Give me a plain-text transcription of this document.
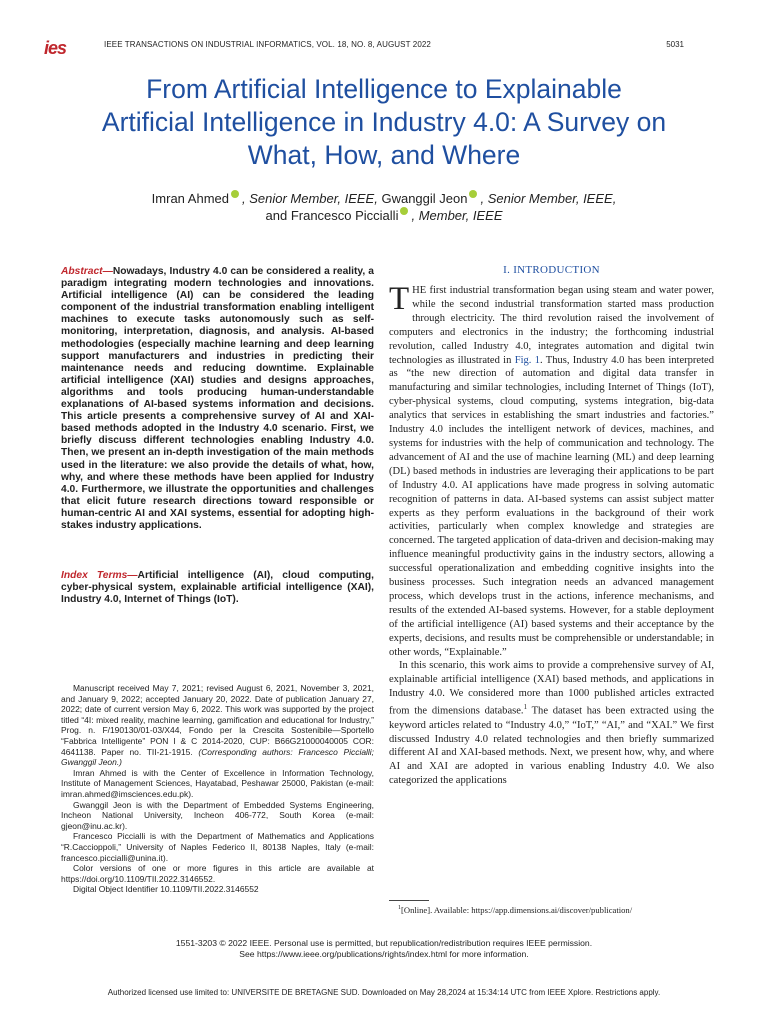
ies	IEEE TRANSACTIONS ON INDUSTRIAL INFORMATICS, VOL. 18, NO. 8, AUGUST 2022	5031
From Artificial Intelligence to Explainable
Artificial Intelligence in Industry 4.0: A Survey on
What, How, and Where
Imran Ahmed , Senior Member, IEEE, Gwanggil Jeon , Senior Member, IEEE,
and Francesco Piccialli , Member, IEEE
Abstract—Nowadays, Industry 4.0 can be considered a reality, a paradigm integrating modern technologies and innovations. Artificial intelligence (AI) can be considered the leading component of the industrial transformation enabling intelligent machines to execute tasks autonomously such as self-monitoring, interpretation, diagnosis, and analysis. AI-based methodologies (especially machine learning and deep learning support manufacturers and industries in predicting their maintenance needs and reducing downtime. Explainable artificial intelligence (XAI) studies and designs approaches, algorithms and tools producing human-understandable explanations of AI-based systems information and decisions. This article presents a comprehensive survey of AI and XAI-based methods adopted in the Industry 4.0 scenario. First, we briefly discuss different technologies enabling Industry 4.0. Then, we present an in-depth investigation of the main methods used in the literature: we also provide the details of what, how, why, and where these methods have been applied for Industry 4.0. Furthermore, we illustrate the opportunities and challenges that elicit future research directions toward responsible or human-centric AI and XAI systems, essential for adopting high-stakes industry applications.
Index Terms—Artificial intelligence (AI), cloud computing, cyber-physical system, explainable artificial intelligence (XAI), Industry 4.0, Internet of Things (IoT).

Manuscript received May 7, 2021; revised August 6, 2021, November 3, 2021, and January 9, 2022; accepted January 20, 2022. Date of publication January 27, 2022; date of current version May 6, 2022. This work was supported by the project titled “4I: mixed reality, machine learning, gamification and educational for Industry,” Prog. n. F/190130/01-03/X44, Fondo per la Crescita Sostenibile—Sportello “Fabbrica Intelligente” PON I & C 2014-2020, CUP: B66G21000040005 COR: 4641138. Paper no. TII-21-1915. (Corresponding authors: Francesco Piccialli; Gwanggil Jeon.)

Imran Ahmed is with the Center of Excellence in Information Technology, Institute of Management Sciences, Hayatabad, Peshawar 25000, Pakistan (e-mail: imran.ahmed@imsciences.edu.pk).

Gwanggil Jeon is with the Department of Embedded Systems Engineering, Incheon National University, Incheon 406-772, South Korea (e-mail: gjeon@inu.ac.kr).

Francesco Piccialli is with the Department of Mathematics and Applications “R.Caccioppoli,” University of Naples Federico II, 80138 Naples, Italy (e-mail: francesco.piccialli@unina.it).

Color versions of one or more figures in this article are available at https://doi.org/10.1109/TII.2022.3146552.

Digital Object Identifier 10.1109/TII.2022.3146552

I. INTRODUCTION

THE first industrial transformation began using steam and water power, while the second industrial transformation started mass production through electricity. The third revolution raised the involvement of computers and electronics in the industry; the forthcoming industrial revolution, called Industry 4.0, integrates automation and digital twin technologies as illustrated in Fig. 1. Thus, Industry 4.0 has been interpreted as “the new direction of automation and digital data transfer in manufacturing and similar technologies, including Internet of Things (IoT), cyber-physical systems, cloud computing, systems integration, big-data analytics that services in establishing the smart industries and factories.” Industry 4.0 includes the intelligent network of devices, machines, and systems for industries with the help of communication and technology. The advancement of AI and the use of machine learning (ML) and deep learning (DL) based methods in industries are leveraging their applications to be part of Industry 4.0. AI applications have made progress in solving automatic recognition of patterns in data. AI-based systems can assist subject matter experts as they perform evaluations in the background of their work activities, particularly when complex knowledge and strategies are concerned. The targeted application of data-driven and decision-making may influence meaningful productivity gains in the industry sectors, allowing a successful operationalization and embedding cognitive insights into the business processes. Such integration needs an advanced management process, which develops trust in the actions, inference mechanisms, and results of the extended AI-based systems. However, for a stable deployment of the artificial intelligence (AI) based systems and their acceptance by the experts, decisions, and results must be comprehensible or understandable; in other words, “Explainable.”

In this scenario, this work aims to provide a comprehensive survey of AI, explainable artificial intelligence (XAI) based methods, and applications in Industry 4.0. We considered more than 1000 published articles extracted from the dimensions database.$^1$ The dataset has been extracted using the keyword articles related to “Industry 4.0,” “IoT,” “AI,” and “XAI.” We first discussed Industry 4.0 related technologies and then briefly summarized different AI and XAI-based methods. Next, we present how, why, and where AI and XAI are adopted in various enabling Industry 4.0. We also categorized the applications

$^1$[Online]. Available: https://app.dimensions.ai/discover/publication/
1551-3203 © 2022 IEEE. Personal use is permitted, but republication/redistribution requires IEEE permission.
See https://www.ieee.org/publications/rights/index.html for more information.
Authorized licensed use limited to: UNIVERSITE DE BRETAGNE SUD. Downloaded on May 28,2024 at 15:34:14 UTC from IEEE Xplore. Restrictions apply.
